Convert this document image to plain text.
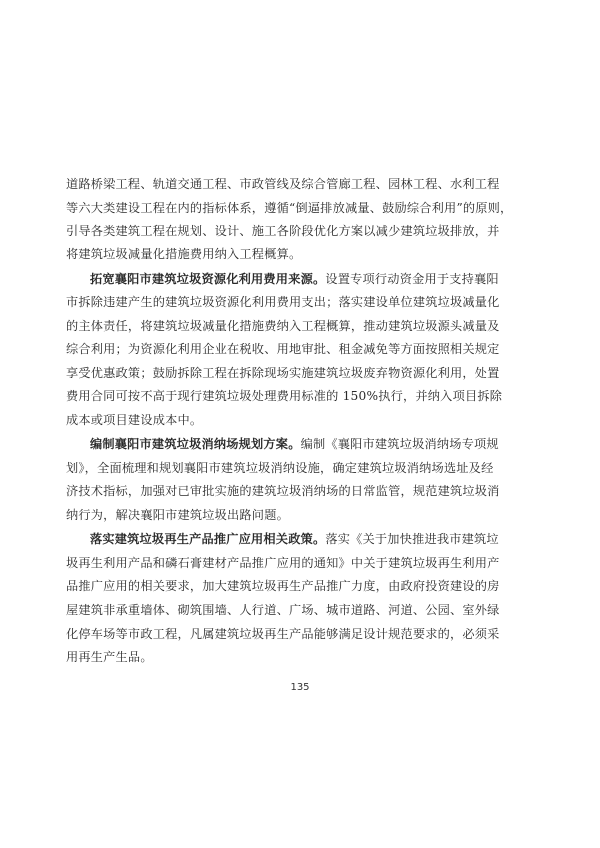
道路桥梁工程、轨道交通工程、市政管线及综合管廊工程、园林工程、水利工程
等六大类建设工程在内的指标体系，遵循“倒逼排放减量、鼓励综合利用”的原则，
引导各类建筑工程在规划、设计、施工各阶段优化方案以减少建筑垃圾排放，并
将建筑垃圾减量化措施费用纳入工程概算。
拓宽襄阳市建筑垃圾资源化利用费用来源。设置专项行动资金用于支持襄阳
市拆除违建产生的建筑垃圾资源化利用费用支出；落实建设单位建筑垃圾减量化
的主体责任，将建筑垃圾减量化措施费纳入工程概算，推动建筑垃圾源头减量及
综合利用；为资源化利用企业在税收、用地审批、租金减免等方面按照相关规定
享受优惠政策；鼓励拆除工程在拆除现场实施建筑垃圾废弃物资源化利用，处置
费用合同可按不高于现行建筑垃圾处理费用标准的 150%执行，并纳入项目拆除
成本或项目建设成本中。
编制襄阳市建筑垃圾消纳场规划方案。编制《襄阳市建筑垃圾消纳场专项规
划》，全面梳理和规划襄阳市建筑垃圾消纳设施，确定建筑垃圾消纳场选址及经
济技术指标，加强对已审批实施的建筑垃圾消纳场的日常监管，规范建筑垃圾消
纳行为，解决襄阳市建筑垃圾出路问题。
落实建筑垃圾再生产品推广应用相关政策。落实《关于加快推进我市建筑垃
圾再生利用产品和磷石膏建材产品推广应用的通知》中关于建筑垃圾再生利用产
品推广应用的相关要求，加大建筑垃圾再生产品推广力度，由政府投资建设的房
屋建筑非承重墙体、砌筑围墙、人行道、广场、城市道路、河道、公园、室外绿
化停车场等市政工程，凡属建筑垃圾再生产品能够满足设计规范要求的，必须采
用再生产生品。
135
